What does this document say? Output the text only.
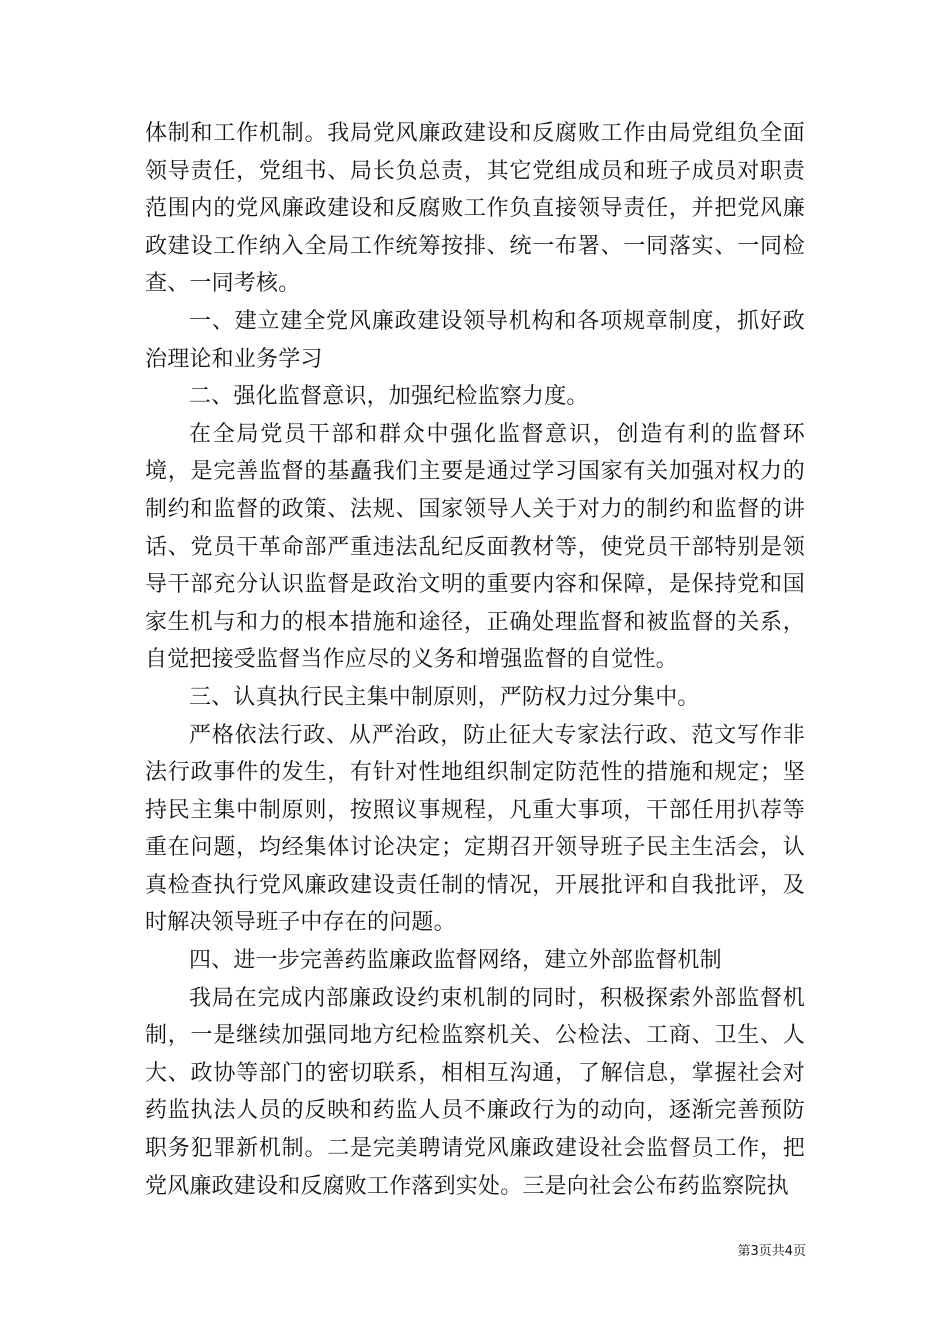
体制和工作机制。我局党风廉政建设和反腐败工作由局党组负全面领导责任，党组书、局长负总责，其它党组成员和班子成员对职责范围内的党风廉政建设和反腐败工作负直接领导责任，并把党风廉政建设工作纳入全局工作统筹按排、统一布署、一同落实、一同检查、一同考核。

一、建立建全党风廉政建设领导机构和各项规章制度，抓好政治理论和业务学习

二、强化监督意识，加强纪检监察力度。

在全局党员干部和群众中强化监督意识，创造有利的监督环境，是完善监督的基矗我们主要是通过学习国家有关加强对权力的制约和监督的政策、法规、国家领导人关于对力的制约和监督的讲话、党员干革命部严重违法乱纪反面教材等，使党员干部特别是领导干部充分认识监督是政治文明的重要内容和保障，是保持党和国家生机与和力的根本措施和途径，正确处理监督和被监督的关系，自觉把接受监督当作应尽的义务和增强监督的自觉性。

三、认真执行民主集中制原则，严防权力过分集中。

严格依法行政、从严治政，防止征大专家法行政、范文写作非法行政事件的发生，有针对性地组织制定防范性的措施和规定；坚持民主集中制原则，按照议事规程，凡重大事项，干部任用扒荐等重在问题，均经集体讨论决定；定期召开领导班子民主生活会，认真检查执行党风廉政建设责任制的情况，开展批评和自我批评，及时解决领导班子中存在的问题。

四、进一步完善药监廉政监督网络，建立外部监督机制

我局在完成内部廉政设约束机制的同时，积极探索外部监督机制，一是继续加强同地方纪检监察机关、公检法、工商、卫生、人大、政协等部门的密切联系，相相互沟通，了解信息，掌握社会对药监执法人员的反映和药监人员不廉政行为的动向，逐渐完善预防职务犯罪新机制。二是完美聘请党风廉政建设社会监督员工作，把党风廉政建设和反腐败工作落到实处。三是向社会公布药监察院执

第3页共4页
